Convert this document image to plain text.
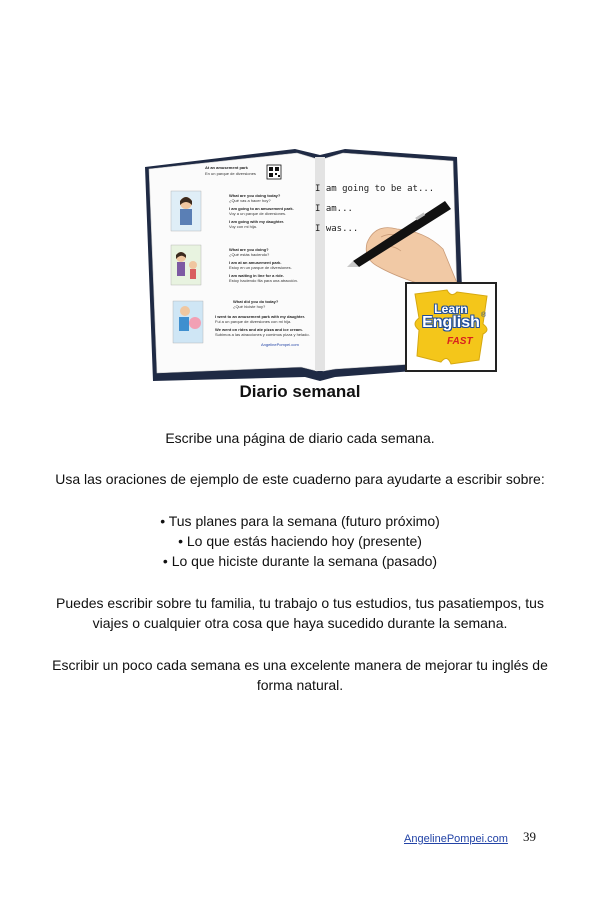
At an amusement park
En un parque de diversiones
What are you doing today?
¿Qué vas a hacer hoy?
I am going to an amusement park.
Voy a un parque de diversiones.
I am going with my daughter.
Voy con mi hija.
What are you doing?
¿Qué estás haciendo?
I am at an amusement park.
Estoy en un parque de diversiones.
I am waiting in line for a ride.
Estoy haciendo fila para una atracción.
What did you do today?
¿Qué hiciste hoy?
I went to an amusement park with my daughter.
Fui a un parque de diversiones con mi hija.
We went on rides and ate pizza and ice cream.
Subimos a las atracciones y comimos pizza y helado.
AngelinePompei.com
I am going to be at...
I am...
I was...
Learn
English
FAST
®
Diario semanal
Escribe una página de diario cada semana.
Usa las oraciones de ejemplo de este cuaderno para ayudarte a escribir sobre:
• Tus planes para la semana (futuro próximo)
• Lo que estás haciendo hoy (presente)
• Lo que hiciste durante la semana (pasado)
Puedes escribir sobre tu familia, tu trabajo o tus estudios, tus pasatiempos, tus viajes o cualquier otra cosa que haya sucedido durante la semana.
Escribir un poco cada semana es una excelente manera de mejorar tu inglés de forma natural.
AngelinePompei.com 39
